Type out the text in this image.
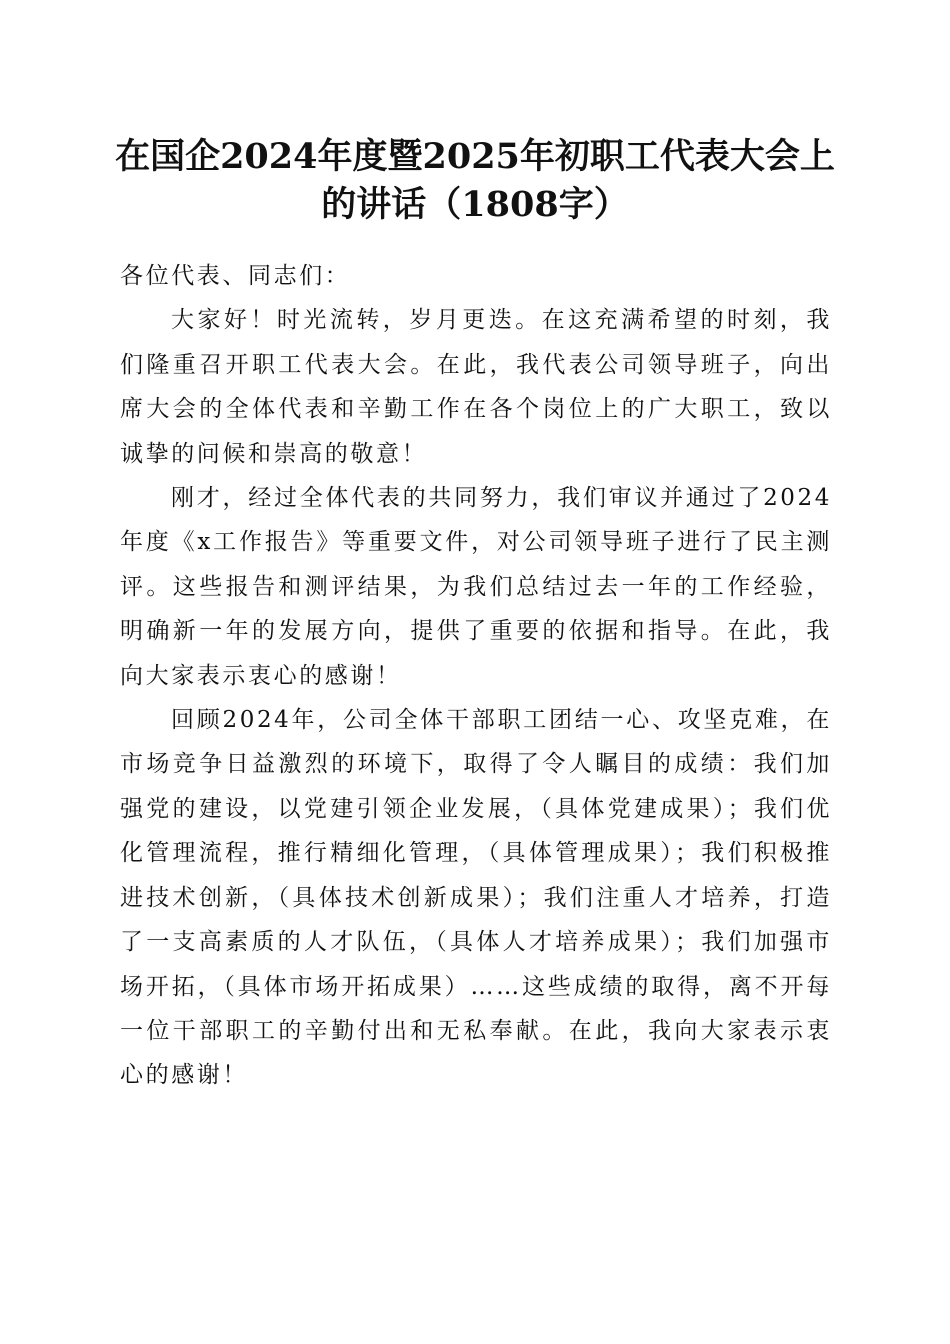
在国企2024年度暨2025年初职工代表大会上
的讲话（1808字）

各位代表、同志们：

大家好！时光流转，岁月更迭。在这充满希望的时刻，我们隆重召开职工代表大会。在此，我代表公司领导班子，向出席大会的全体代表和辛勤工作在各个岗位上的广大职工，致以诚挚的问候和崇高的敬意！

刚才，经过全体代表的共同努力，我们审议并通过了2024年度《x工作报告》等重要文件，对公司领导班子进行了民主测评。这些报告和测评结果，为我们总结过去一年的工作经验，明确新一年的发展方向，提供了重要的依据和指导。在此，我向大家表示衷心的感谢！

回顾2024年，公司全体干部职工团结一心、攻坚克难，在市场竞争日益激烈的环境下，取得了令人瞩目的成绩：我们加强党的建设，以党建引领企业发展，（具体党建成果）；我们优化管理流程，推行精细化管理，（具体管理成果）；我们积极推进技术创新，（具体技术创新成果）；我们注重人才培养，打造了一支高素质的人才队伍，（具体人才培养成果）；我们加强市场开拓，（具体市场开拓成果）……这些成绩的取得，离不开每一位干部职工的辛勤付出和无私奉献。在此，我向大家表示衷心的感谢！
